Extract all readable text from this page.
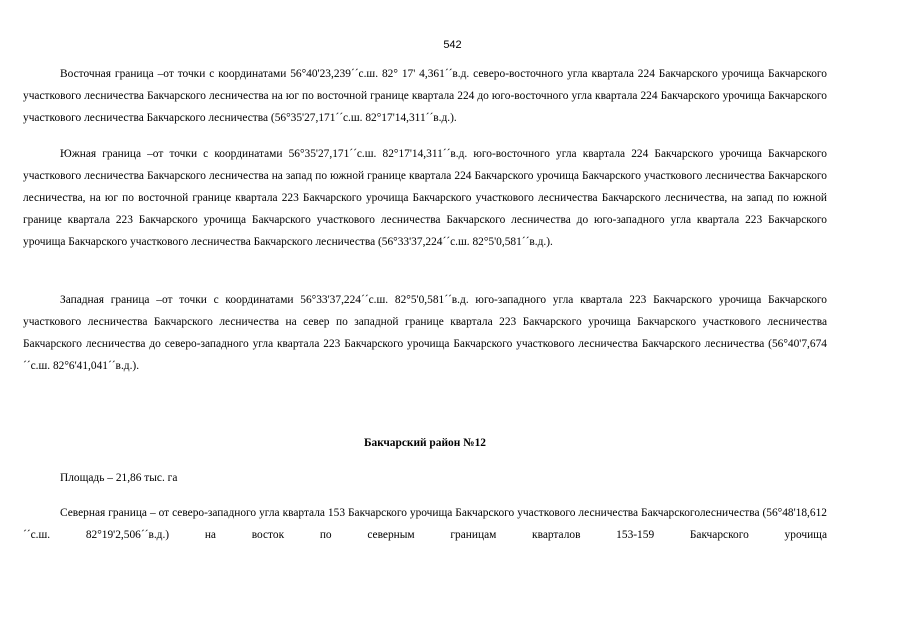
542

Восточная граница –от точки с координатами 56°40'23,239´´с.ш. 82° 17' 4,361´´в.д. северо-восточного угла квартала 224 Бакчарского урочища Бакчарского участкового лесничества Бакчарского лесничества на юг по восточной границе квартала 224 до юго-восточного угла квартала 224 Бакчарского урочища Бакчарского участкового лесничества Бакчарского лесничества (56°35'27,171´´с.ш. 82°17'14,311´´в.д.).

Южная граница –от точки с координатами 56°35'27,171´´с.ш. 82°17'14,311´´в.д. юго-восточного угла квартала 224 Бакчарского урочища Бакчарского участкового лесничества Бакчарского лесничества на запад по южной границе квартала 224 Бакчарского урочища Бакчарского участкового лесничества Бакчарского лесничества, на юг по восточной границе квартала 223 Бакчарского урочища Бакчарского участкового лесничества Бакчарского лесничества, на запад по южной границе квартала 223 Бакчарского урочища Бакчарского участкового лесничества Бакчарского лесничества до юго-западного угла квартала 223 Бакчарского урочища Бакчарского участкового лесничества Бакчарского лесничества (56°33'37,224´´с.ш. 82°5'0,581´´в.д.).

Западная граница –от точки с координатами 56°33'37,224´´с.ш. 82°5'0,581´´в.д. юго-западного угла квартала 223 Бакчарского урочища Бакчарского участкового лесничества Бакчарского лесничества на север по западной границе квартала 223 Бакчарского урочища Бакчарского участкового лесничества Бакчарского лесничества до северо-западного угла квартала 223 Бакчарского урочища Бакчарского участкового лесничества Бакчарского лесничества (56°40'7,674´´с.ш. 82°6'41,041´´в.д.).

Бакчарский район №12

Площадь – 21,86 тыс. га

Северная граница – от северо-западного угла квартала 153 Бакчарского урочища Бакчарского участкового лесничества Бакчарскоголесничества (56°48'18,612´´с.ш. 82°19'2,506´´в.д.) на восток по северным границам кварталов 153-159 Бакчарского урочища
